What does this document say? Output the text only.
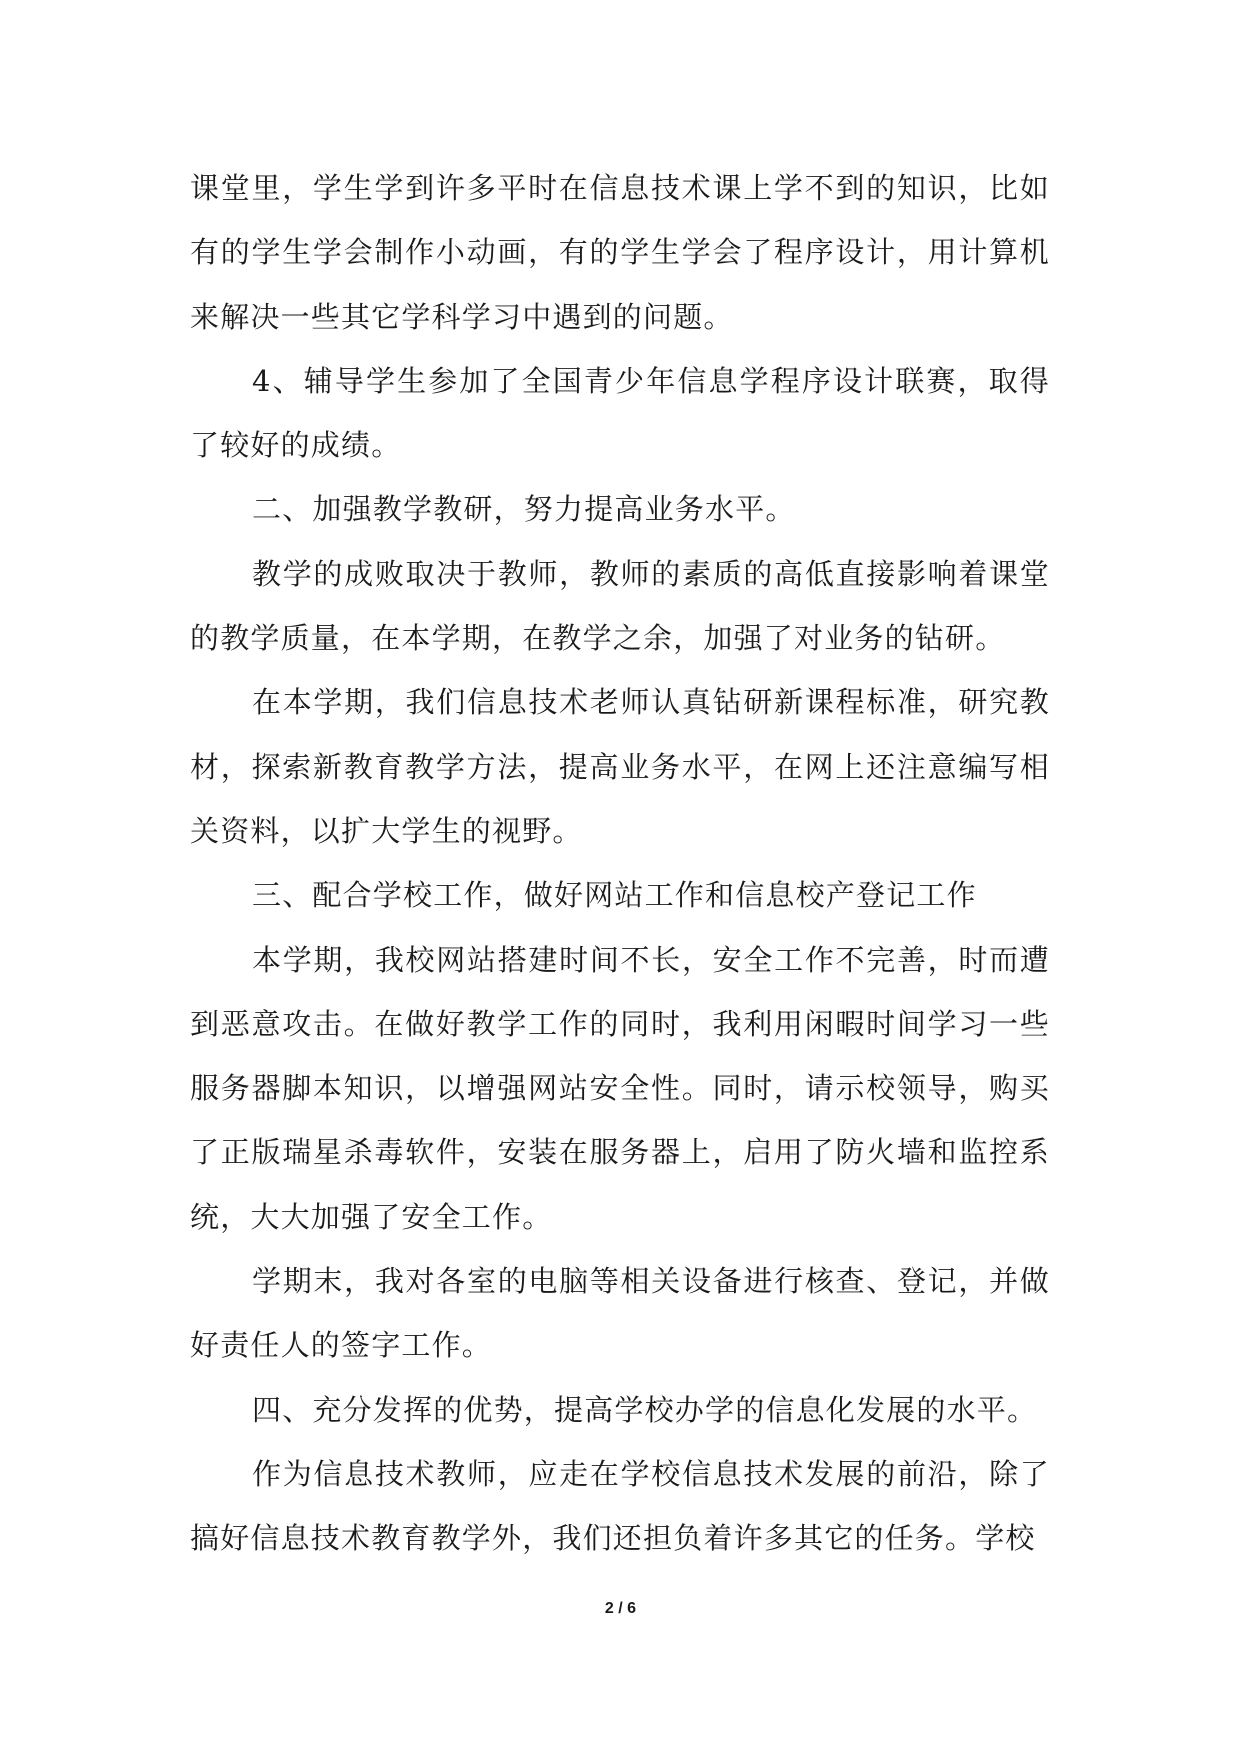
课堂里，学生学到许多平时在信息技术课上学不到的知识，比如有的学生学会制作小动画，有的学生学会了程序设计，用计算机来解决一些其它学科学习中遇到的问题。

4、辅导学生参加了全国青少年信息学程序设计联赛，取得了较好的成绩。

二、加强教学教研，努力提高业务水平。

教学的成败取决于教师，教师的素质的高低直接影响着课堂的教学质量，在本学期，在教学之余，加强了对业务的钻研。

在本学期，我们信息技术老师认真钻研新课程标准，研究教材，探索新教育教学方法，提高业务水平，在网上还注意编写相关资料，以扩大学生的视野。

三、配合学校工作，做好网站工作和信息校产登记工作

本学期，我校网站搭建时间不长，安全工作不完善，时而遭到恶意攻击。在做好教学工作的同时，我利用闲暇时间学习一些服务器脚本知识，以增强网站安全性。同时，请示校领导，购买了正版瑞星杀毒软件，安装在服务器上，启用了防火墙和监控系统，大大加强了安全工作。

学期末，我对各室的电脑等相关设备进行核查、登记，并做好责任人的签字工作。

四、充分发挥的优势，提高学校办学的信息化发展的水平。

作为信息技术教师，应走在学校信息技术发展的前沿，除了搞好信息技术教育教学外，我们还担负着许多其它的任务。学校

2 / 6
